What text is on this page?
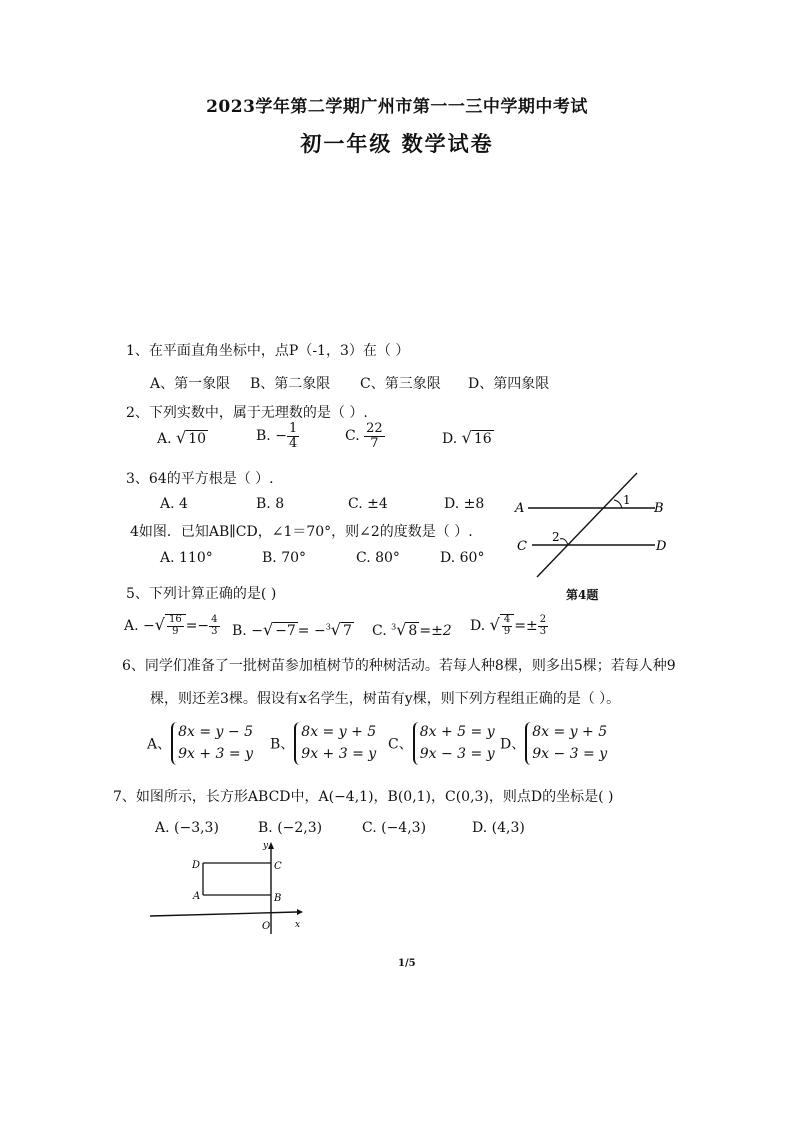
2023学年第二学期广州市第一一三中学期中考试
初一年级 数学试卷
1、在平面直角坐标中，点P（-1，3）在（ ）
A、第一象限 B、第二象限 C、第三象限 D、第四象限
2、下列实数中，属于无理数的是（ ）.
A. √ 10	B. − $\frac{1}{4}$	C. $\frac{22}{7}$	D. √ 16
3、64的平方根是（ ）.
A. 4	B. 8	C. ±4	D. ±8
4如图．已知AB∥CD，∠1＝70°，则∠2的度数是（ ）.
A. 110°	B. 70°	C. 80°	D. 60°
A	B
C	D
1
2
第4题
5、下列计算正确的是( )
A. −√ $\frac{16}{9} =- \frac{4}{3} B$. −√ −7 = −$^3$√ 7 C. $^3$√ 8 =±2 D. √ $\frac{4}{9} =\pm \frac{2}{3}$
6、同学们准备了一批树苗参加植树节的种树活动。若每人种8棵，则多出5棵；若每人种9
棵，则还差3棵。假设有x名学生，树苗有y棵，则下列方程组正确的是（ ）。
A、
8x = y − 5
9x + 3 = y
B、
8x = y + 5
9x + 3 = y
C、
8x + 5 = y
9x − 3 = y
D、
8x = y + 5
9x − 3 = y
7、如图所示，长方形ABCD中，A(−4,1)，B(0,1)，C(0,3)，则点D的坐标是( )
A. (−3,3)	B. (−2,3)	C. (−4,3)	D. (4,3)
D
A
C
B
O	x
y
1/5
